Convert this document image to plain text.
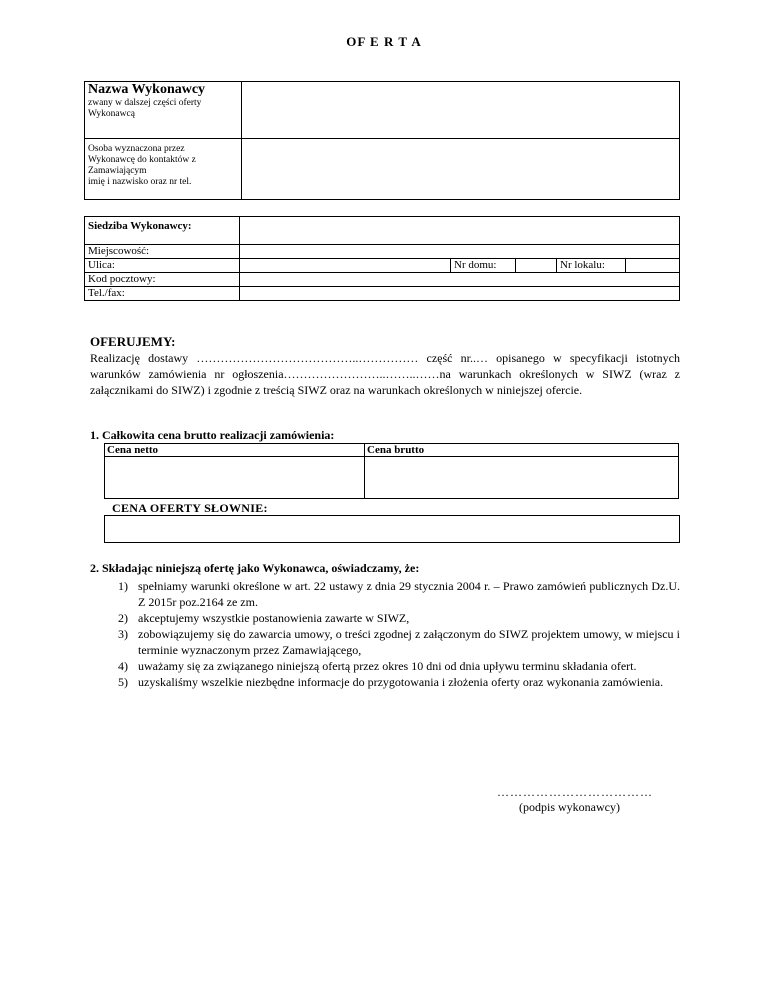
OF E R T A
Nazwa Wykonawcy
zwany w dalszej części oferty Wykonawcą	

Osoba wyznaczona przez
Wykonawcę do kontaktów z
Zamawiającym
imię i nazwisko oraz nr tel.	

Siedziba Wykonawcy:					
Miejscowość:					
Ulica:		Nr domu:		Nr lokalu:	
Kod pocztowy:					
Tel./fax:					
OFERUJEMY:
Realizację dostawy …………………………………..…………… część nr..… opisanego w specyfikacji istotnych warunków zamówienia nr ogłoszenia……………………..……..……na warunkach określonych w SIWZ (wraz z załącznikami do SIWZ) i zgodnie z treścią SIWZ oraz na warunkach określonych w niniejszej ofercie.
1. Całkowita cena brutto realizacji zamówienia:
Cena netto	Cena brutto

CENA OFERTY SŁOWNIE:
2. Składając niniejszą ofertę jako Wykonawca, oświadczamy, że:
1) spełniamy warunki określone w art. 22 ustawy z dnia 29 stycznia 2004 r. – Prawo zamówień publicznych Dz.U. Z 2015r poz.2164 ze zm.
2) akceptujemy wszystkie postanowienia zawarte w SIWZ,
3) zobowiązujemy się do zawarcia umowy, o treści zgodnej z załączonym do SIWZ projektem umowy, w miejscu i terminie wyznaczonym przez Zamawiającego,
4) uważamy się za związanego niniejszą ofertą przez okres 10 dni od dnia upływu terminu składania ofert.
5) uzyskaliśmy wszelkie niezbędne informacje do przygotowania i złożenia oferty oraz wykonania zamówienia.
………………………………
(podpis wykonawcy)
